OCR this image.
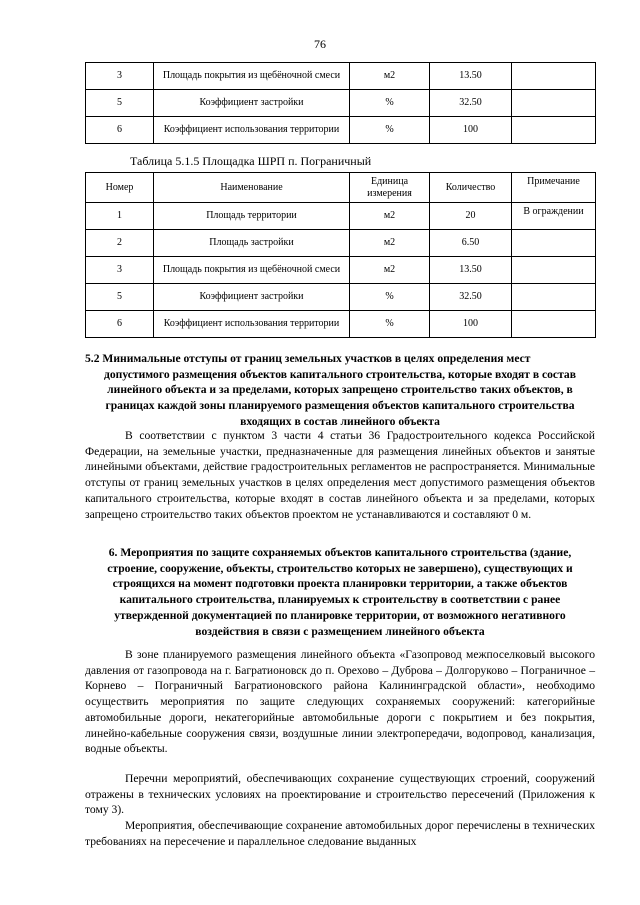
76
3	Площадь покрытия из щебёночной смеси	м2	13.50	
5	Коэффициент застройки	%	32.50	
6	Коэффициент использования территории	%	100	
Таблица 5.1.5 Площадка ШРП п. Пограничный
Номер	Наименование	Единица измерения	Количество	Примечание
1	Площадь территории	м2	20	В ограждении
2	Площадь застройки	м2	6.50	
3	Площадь покрытия из щебёночной смеси	м2	13.50	
5	Коэффициент застройки	%	32.50	
6	Коэффициент использования территории	%	100	
5.2 Минимальные отступы от границ земельных участков в целях определения мест
допустимого размещения объектов капитального строительства, которые входят в состав линейного объекта и за пределами, которых запрещено строительство таких объектов, в границах каждой зоны планируемого размещения объектов капитального строительства входящих в состав линейного объекта

В соответствии с пунктом 3 части 4 статьи 36 Градостроительного кодекса Российской Федерации, на земельные участки, предназначенные для размещения линейных объектов и занятые линейными объектами, действие градостроительных регламентов не распространяется. Минимальные отступы от границ земельных участков в целях определения мест допустимого размещения объектов капитального строительства, которые входят в состав линейного объекта и за пределами, которых запрещено строительство таких объектов проектом не устанавливаются и составляют 0 м.

6. Мероприятия по защите сохраняемых объектов капитального строительства (здание, строение, сооружение, объекты, строительство которых не завершено), существующих и строящихся на момент подготовки проекта планировки территории, а также объектов капитального строительства, планируемых к строительству в соответствии с ранее утвержденной документацией по планировке территории, от возможного негативного воздействия в связи с размещением линейного объекта

В зоне планируемого размещения линейного объекта «Газопровод межпоселковый высокого давления от газопровода на г. Багратионовск до п. Орехово – Дуброва – Долгоруково – Пограничное – Корнево – Пограничный Багратионовского района Калининградской области», необходимо осуществить мероприятия по защите следующих сохраняемых сооружений: категорийные автомобильные дороги, некатегорийные автомобильные дороги с покрытием и без покрытия, линейно-кабельные сооружения связи, воздушные линии электропередачи, водопровод, канализация, водные объекты.

Перечни мероприятий, обеспечивающих сохранение существующих строений, сооружений отражены в технических условиях на проектирование и строительство пересечений (Приложения к тому 3).

Мероприятия, обеспечивающие сохранение автомобильных дорог перечислены в технических требованиях на пересечение и параллельное следование выданных
